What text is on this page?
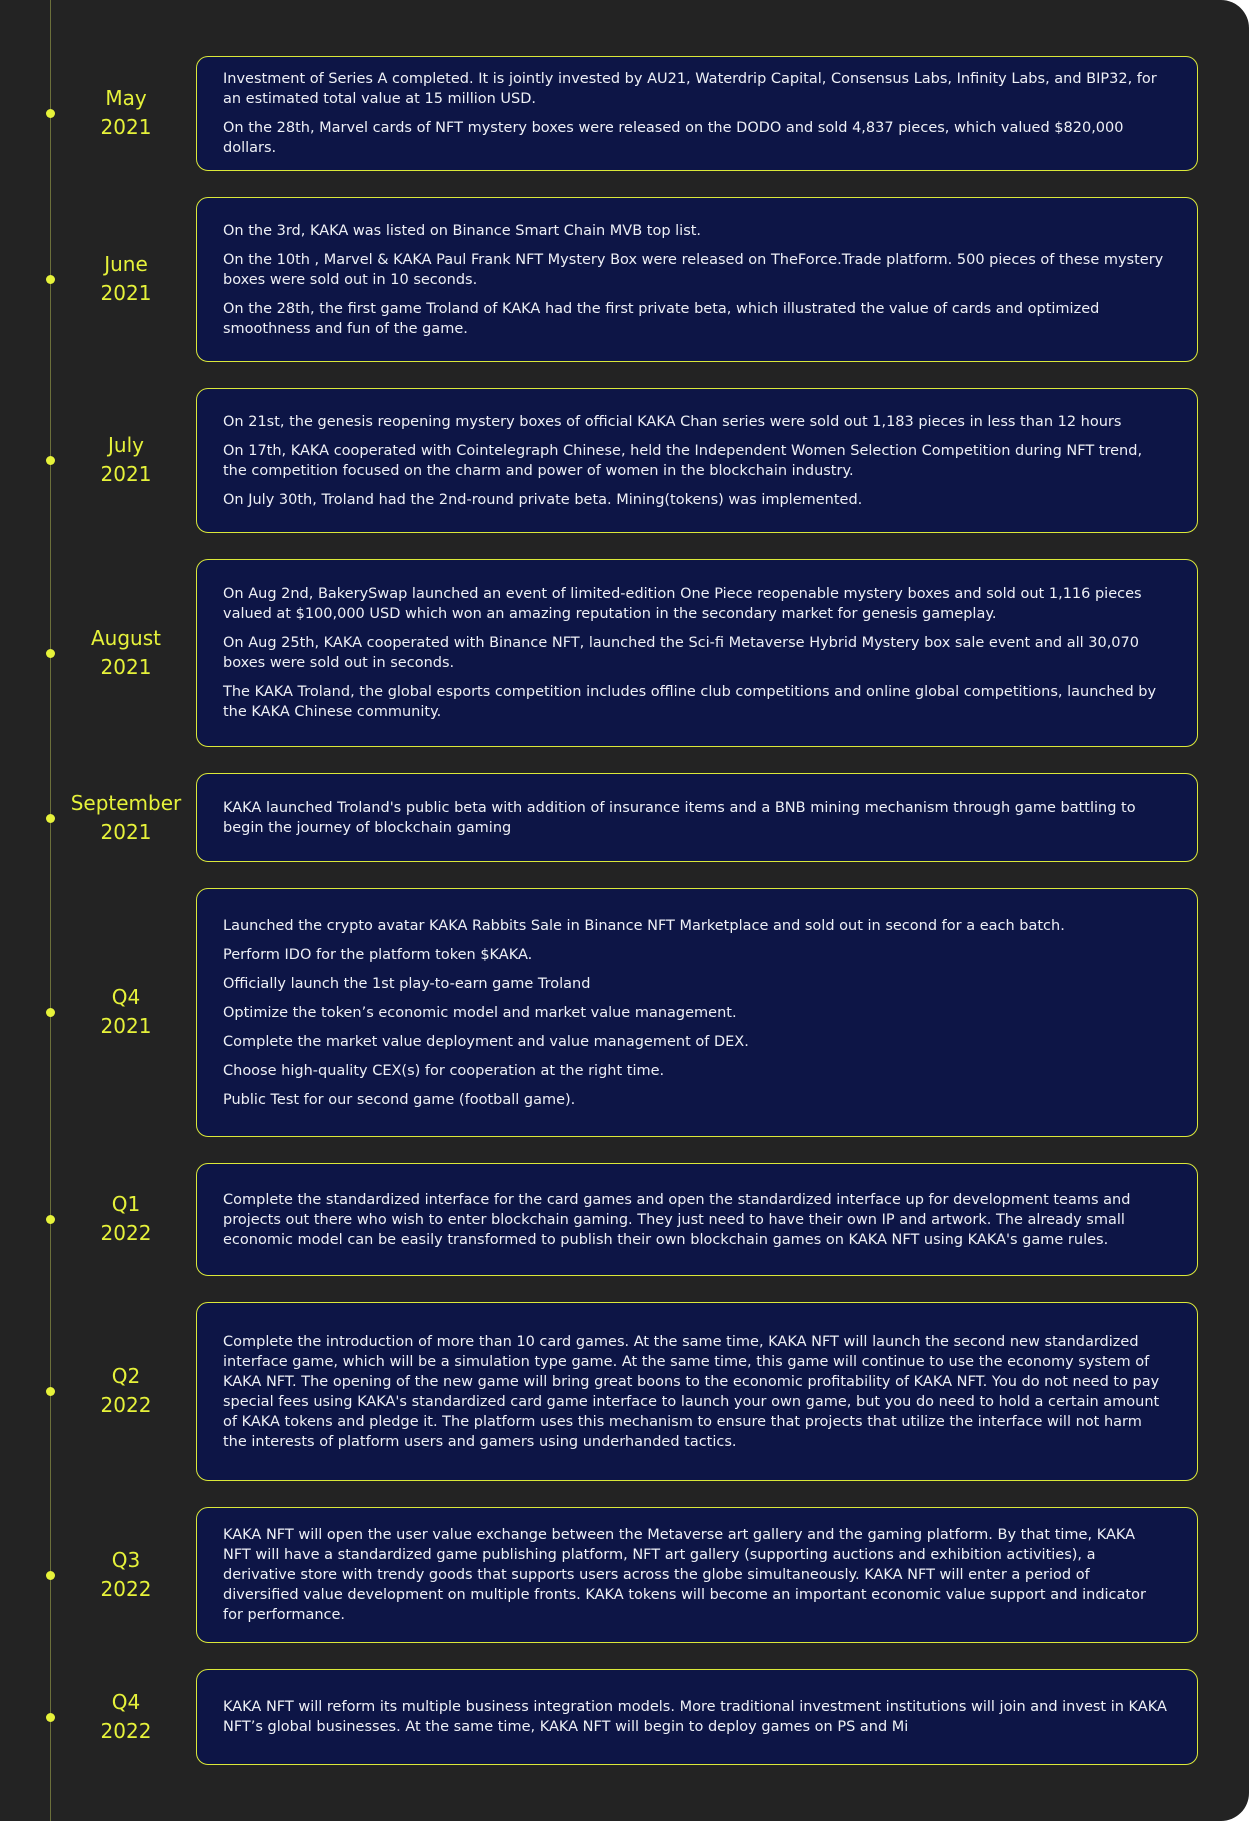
May
2021

Investment of Series A completed. It is jointly invested by AU21, Waterdrip Capital, Consensus Labs, Infinity Labs, and BIP32, for an estimated total value at 15 million USD.

On the 28th, Marvel cards of NFT mystery boxes were released on the DODO and sold 4,837 pieces, which valued $820,000 dollars.

June
2021

On the 3rd, KAKA was listed on Binance Smart Chain MVB top list.

On the 10th , Marvel & KAKA Paul Frank NFT Mystery Box were released on TheForce.Trade platform. 500 pieces of these mystery boxes were sold out in 10 seconds.

On the 28th, the first game Troland of KAKA had the first private beta, which illustrated the value of cards and optimized smoothness and fun of the game.

July
2021

On 21st, the genesis reopening mystery boxes of official KAKA Chan series were sold out 1,183 pieces in less than 12 hours

On 17th, KAKA cooperated with Cointelegraph Chinese, held the Independent Women Selection Competition during NFT trend, the competition focused on the charm and power of women in the blockchain industry.

On July 30th, Troland had the 2nd-round private beta. Mining(tokens) was implemented.

August
2021

On Aug 2nd, BakerySwap launched an event of limited-edition One Piece reopenable mystery boxes and sold out 1,116 pieces valued at $100,000 USD which won an amazing reputation in the secondary market for genesis gameplay.

On Aug 25th, KAKA cooperated with Binance NFT, launched the Sci-fi Metaverse Hybrid Mystery box sale event and all 30,070 boxes were sold out in seconds.

The KAKA Troland, the global esports competition includes offline club competitions and online global competitions, launched by the KAKA Chinese community.

September
2021

KAKA launched Troland's public beta with addition of insurance items and a BNB mining mechanism through game battling to begin the journey of blockchain gaming

Q4
2021

Launched the crypto avatar KAKA Rabbits Sale in Binance NFT Marketplace and sold out in second for a each batch.

Perform IDO for the platform token $KAKA.

Officially launch the 1st play-to-earn game Troland

Optimize the token’s economic model and market value management.

Complete the market value deployment and value management of DEX.

Choose high-quality CEX(s) for cooperation at the right time.

Public Test for our second game (football game).

Q1
2022

Complete the standardized interface for the card games and open the standardized interface up for development teams and projects out there who wish to enter blockchain gaming. They just need to have their own IP and artwork. The already small economic model can be easily transformed to publish their own blockchain games on KAKA NFT using KAKA's game rules.

Q2
2022

Complete the introduction of more than 10 card games. At the same time, KAKA NFT will launch the second new standardized interface game, which will be a simulation type game. At the same time, this game will continue to use the economy system of KAKA NFT. The opening of the new game will bring great boons to the economic profitability of KAKA NFT. You do not need to pay special fees using KAKA's standardized card game interface to launch your own game, but you do need to hold a certain amount of KAKA tokens and pledge it. The platform uses this mechanism to ensure that projects that utilize the interface will not harm the interests of platform users and gamers using underhanded tactics.

Q3
2022

KAKA NFT will open the user value exchange between the Metaverse art gallery and the gaming platform. By that time, KAKA NFT will have a standardized game publishing platform, NFT art gallery (supporting auctions and exhibition activities), a derivative store with trendy goods that supports users across the globe simultaneously. KAKA NFT will enter a period of diversified value development on multiple fronts. KAKA tokens will become an important economic value support and indicator for performance.

Q4
2022

KAKA NFT will reform its multiple business integration models. More traditional investment institutions will join and invest in KAKA NFT’s global businesses. At the same time, KAKA NFT will begin to deploy games on PS and Mi
